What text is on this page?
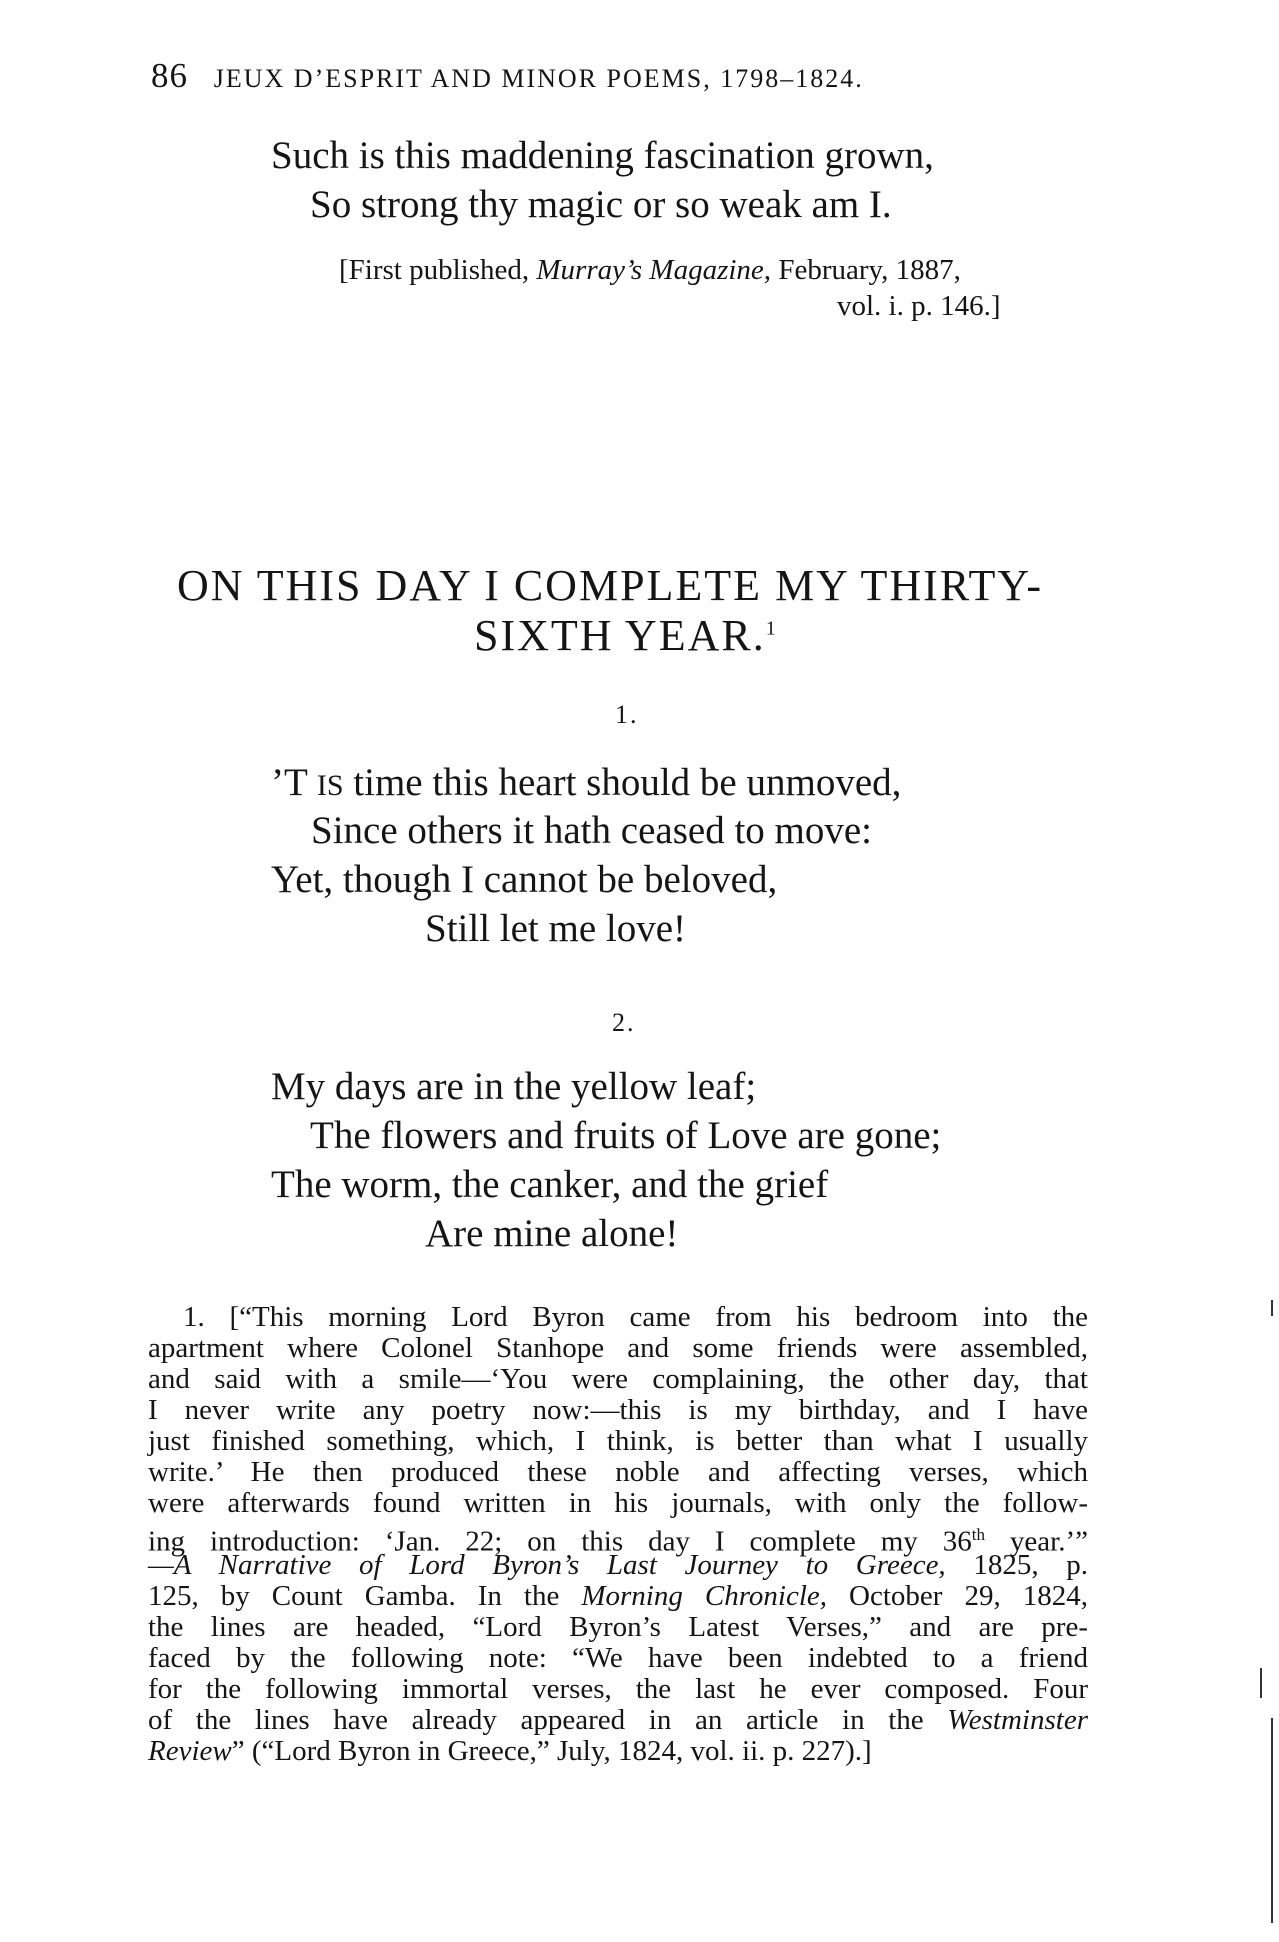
86 JEUX D’ESPRIT AND MINOR POEMS, 1798–1824.
Such is this maddening fascination grown,
So strong thy magic or so weak am I.
[First published, Murray’s Magazine, February, 1887,
vol. i. p. 146.]
ON THIS DAY I COMPLETE MY THIRTY-
SIXTH YEAR.$^1$
1.
’T IS time this heart should be unmoved,
Since others it hath ceased to move:
Yet, though I cannot be beloved,
Still let me love!
2.
My days are in the yellow leaf;
The flowers and fruits of Love are gone;
The worm, the canker, and the grief
Are mine alone!
1. [“This morning Lord Byron came from his bedroom into the
apartment where Colonel Stanhope and some friends were assembled,
and said with a smile—‘You were complaining, the other day, that
I never write any poetry now:—this is my birthday, and I have
just finished something, which, I think, is better than what I usually
write.’ He then produced these noble and affecting verses, which
were afterwards found written in his journals, with only the follow-
ing introduction: ‘Jan. 22; on this day I complete my 36th year.’”
—A Narrative of Lord Byron’s Last Journey to Greece, 1825, p.
125, by Count Gamba. In the Morning Chronicle, October 29, 1824,
the lines are headed, “Lord Byron’s Latest Verses,” and are pre-
faced by the following note: “We have been indebted to a friend
for the following immortal verses, the last he ever composed. Four
of the lines have already appeared in an article in the Westminster
Review” (“Lord Byron in Greece,” July, 1824, vol. ii. p. 227).]
